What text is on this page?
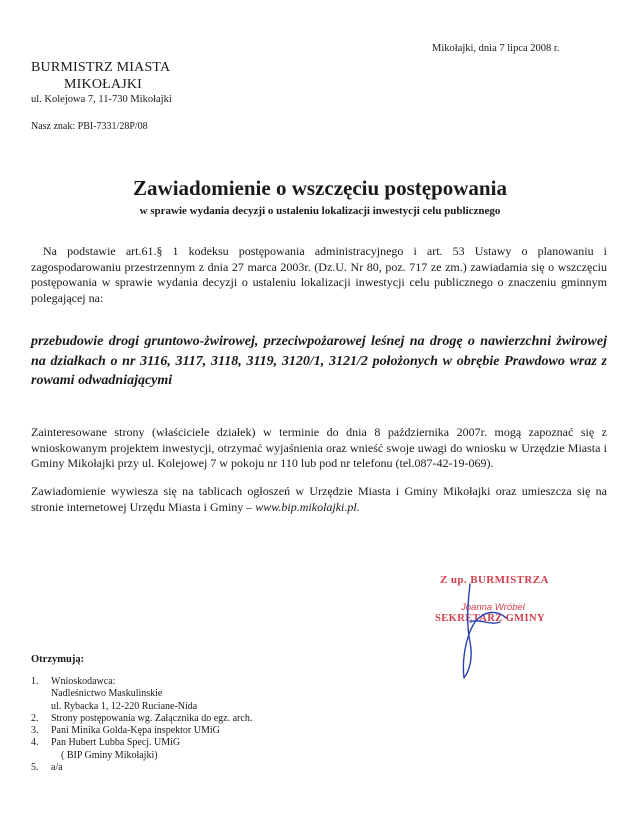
Mikołajki, dnia 7 lipca 2008 r.
BURMISTRZ MIASTA
MIKOŁAJKI
ul. Kolejowa 7, 11-730 Mikołajki
Nasz znak: PBI-7331/28P/08
Zawiadomienie o wszczęciu postępowania
w sprawie wydania decyzji o ustaleniu lokalizacji inwestycji celu publicznego

Na podstawie art.61.§ 1 kodeksu postępowania administracyjnego i art. 53 Ustawy o planowaniu i zagospodarowaniu przestrzennym z dnia 27 marca 2003r. (Dz.U. Nr 80, poz. 717 ze zm.) zawiadamia się o wszczęciu postępowania w sprawie wydania decyzji o ustaleniu lokalizacji inwestycji celu publicznego o znaczeniu gminnym polegającej na:

przebudowie drogi gruntowo-żwirowej, przeciwpożarowej leśnej na drogę o nawierzchni żwirowej na działkach o nr 3116, 3117, 3118, 3119, 3120/1, 3121/2 położonych w obrębie Prawdowo wraz z rowami odwadniającymi

Zainteresowane strony (właściciele działek) w terminie do dnia 8 października 2007r. mogą zapoznać się z wnioskowanym projektem inwestycji, otrzymać wyjaśnienia oraz wnieść swoje uwagi do wniosku w Urzędzie Miasta i Gminy Mikołajki przy ul. Kolejowej 7 w pokoju nr 110 lub pod nr telefonu (tel.087-42-19-069).

Zawiadomienie wywiesza się na tablicach ogłoszeń w Urzędzie Miasta i Gminy Mikołajki oraz umieszcza się na stronie internetowej Urzędu Miasta i Gminy – www.bip.mikolajki.pl.

Z up. BURMISTRZA
Joanna Wróbel
SEKRETARZ GMINY
Otrzymują:
1. Wnioskodawca:
Nadleśnictwo Maskulinskie
ul. Rybacka 1, 12-220 Ruciane-Nida
2. Strony postępowania wg. Załącznika do egz. arch.
3. Pani Minika Golda-Kępa inspektor UMiG
4. Pan Hubert Lubba Specj. UMiG
( BIP Gminy Mikołajki)
5. a/a
